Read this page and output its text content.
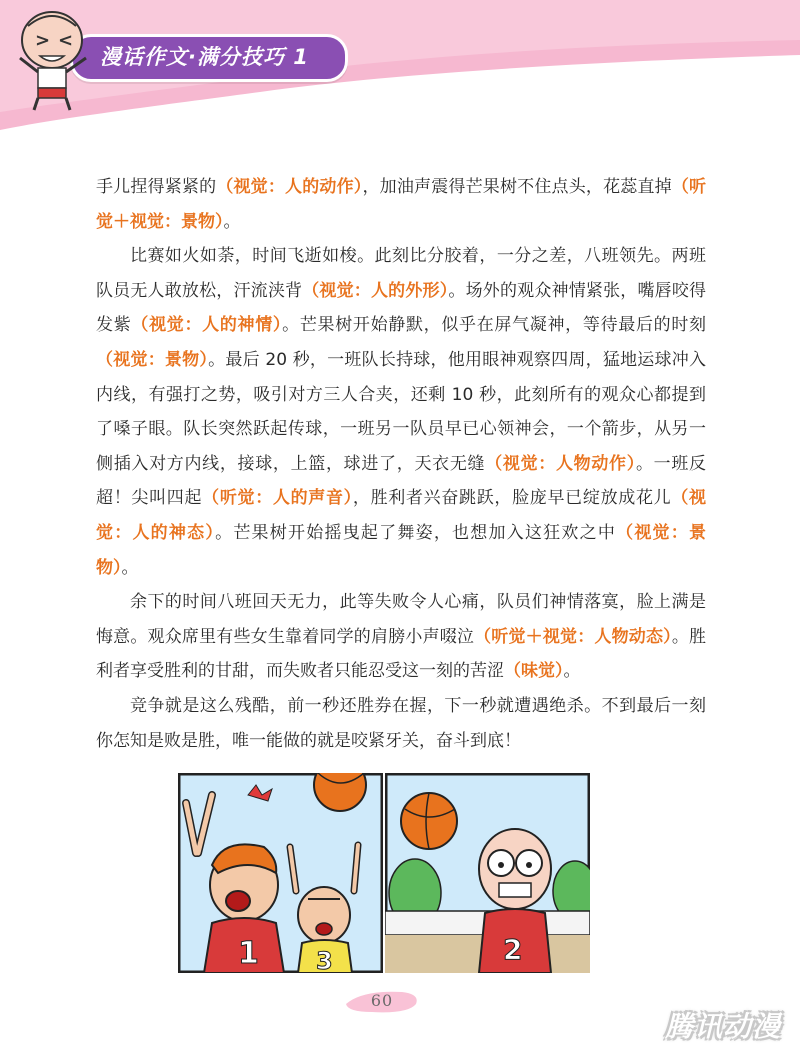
漫话作文·满分技巧 1
> <

手儿捏得紧紧的（视觉：人的动作），加油声震得芒果树不住点头，花蕊直掉（听觉＋视觉：景物）。

比赛如火如荼，时间飞逝如梭。此刻比分胶着，一分之差，八班领先。两班队员无人敢放松，汗流浃背（视觉：人的外形）。场外的观众神情紧张，嘴唇咬得发紫（视觉：人的神情）。芒果树开始静默，似乎在屏气凝神，等待最后的时刻（视觉：景物）。最后 20 秒，一班队长持球，他用眼神观察四周，猛地运球冲入内线，有强打之势，吸引对方三人合夹，还剩 10 秒，此刻所有的观众心都提到了嗓子眼。队长突然跃起传球，一班另一队员早已心领神会，一个箭步，从另一侧插入对方内线，接球，上篮，球进了，天衣无缝（视觉：人物动作）。一班反超！尖叫四起（听觉：人的声音），胜利者兴奋跳跃，脸庞早已绽放成花儿（视觉：人的神态）。芒果树开始摇曳起了舞姿，也想加入这狂欢之中（视觉：景物）。

余下的时间八班回天无力，此等失败令人心痛，队员们神情落寞，脸上满是悔意。观众席里有些女生靠着同学的肩膀小声啜泣（听觉＋视觉：人物动态）。胜利者享受胜利的甘甜，而失败者只能忍受这一刻的苦涩（味觉）。

竞争就是这么残酷，前一秒还胜券在握，下一秒就遭遇绝杀。不到最后一刻你怎知是败是胜，唯一能做的就是咬紧牙关，奋斗到底！

1 3	2
60
腾讯动漫
